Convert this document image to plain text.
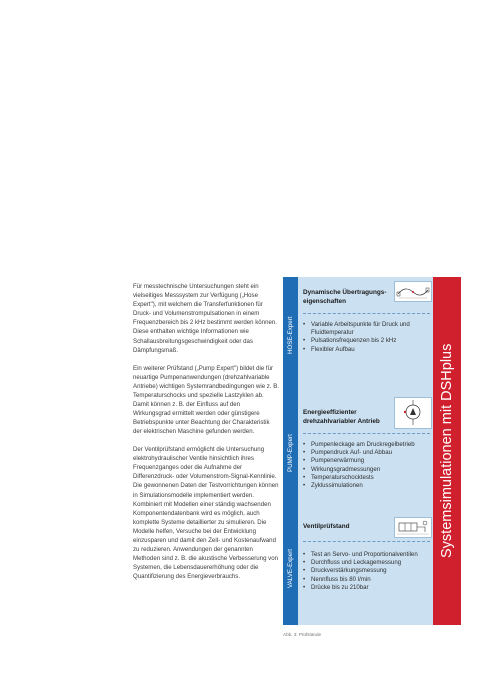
Für messtechnische Untersuchungen steht ein vielseitiges Messsystem zur Verfügung („Hose Expert"), mit welchem die Transferfunktionen für Druck- und Volumenstrompulsationen in einem Frequenzbereich bis 2 kHz bestimmt werden können. Diese enthalten wichtige Informationen wie Schallausbreitungsgeschwindigkeit oder das Dämpfungsmaß.

Ein weiterer Prüfstand („Pump Expert") bildet die für neuartige Pumpenanwendungen (drehzahlvariable Antriebe) wichtigen Systemrandbedingungen wie z. B. Temperaturschocks und spezielle Lastzyklen ab. Damit können z. B. der Einfluss auf den Wirkungsgrad ermittelt werden oder günstigere Betriebspunkte unter Beachtung der Charakteristik der elektrischen Maschine gefunden werden.

Der Ventilprüfstand ermöglicht die Untersuchung elektrohydraulischer Ventile hinsichtlich ihres Frequenzganges oder die Aufnahme der Differenzdruck- oder Volumenstrom-Signal-Kennlinie. Die gewonnenen Daten der Testvorrichtungen können in Simulationsmodelle implementiert werden. Kombiniert mit Modellen einer ständig wachsenden Komponentendatenbank wird es möglich, auch komplette Systeme detaillierter zu simulieren. Die Modelle helfen, Versuche bei der Entwicklung einzusparen und damit den Zeit- und Kostenaufwand zu reduzieren. Anwendungen der genannten Methoden sind z. B. die akustische Verbesserung von Systemen, die Lebensdauererhöhung oder die Quantifizierung des Energieverbrauchs.

HOSE-Expert
PUMP-Expert
VALVE-Expert
Dynamische Übertragungs-
eigenschaften
• Variable Arbeitspunkte für Druck und Fluidtemperatur
• Pulsationsfrequenzen bis 2 kHz
• Flexibler Aufbau
Energieeffizienter
drehzahlvariabler Antrieb
• Pumpenleckage am Druckregelbetrieb
• Pumpendruck Auf- und Abbau
• Pumpenerwärmung
• Wirkungsgradmessungen
• Temperaturschocktests
• Zyklussimulationen
Ventilprüfstand
• Test an Servo- und Proportionalventilen
• Durchfluss und Leckagemessung
• Druckverstärkungsmessung
• Nennfluss bis 80 l/min
• Drücke bis zu 210bar
Systemsimulationen mit DSHplus
Abb. 3: Prüfstände
